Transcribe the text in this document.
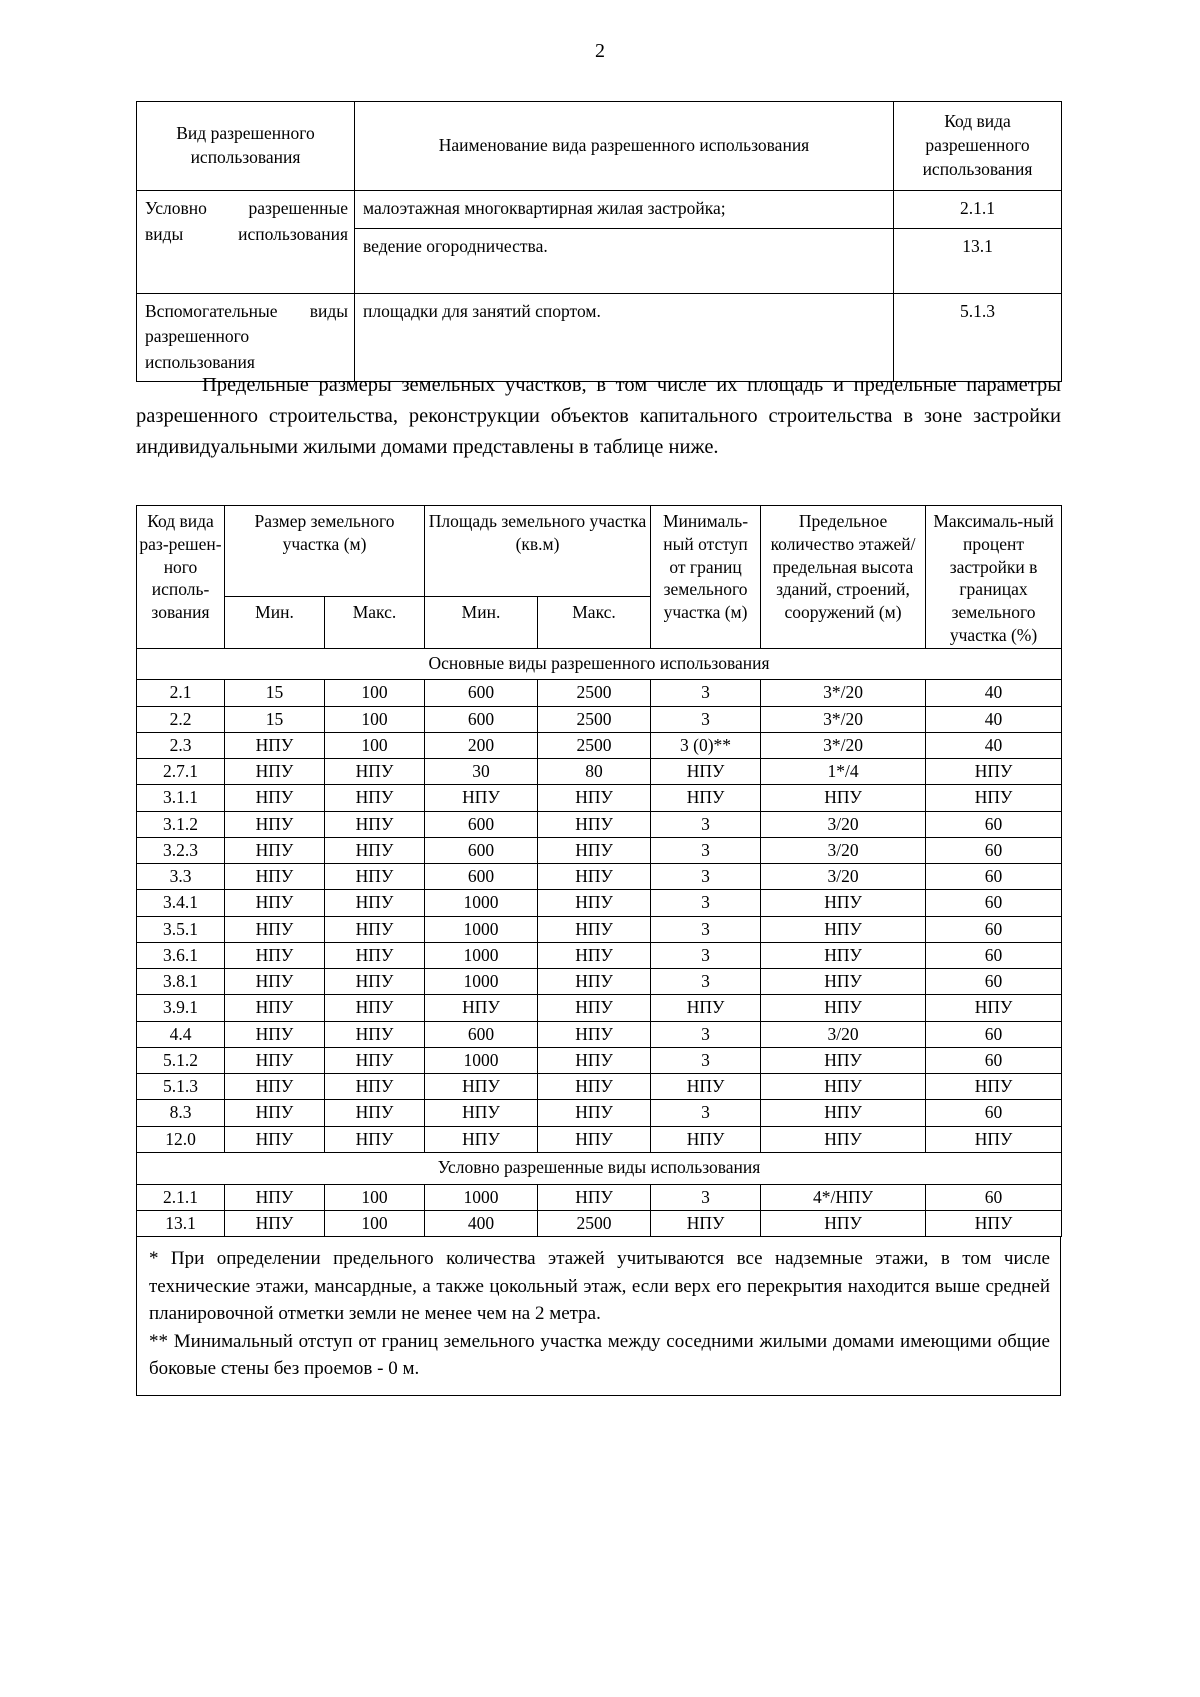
2
Вид разрешенного использования	Наименование вида разрешенного использования	Код вида разрешенного использования
Условно разрешенные виды использования	малоэтажная многоквартирная жилая застройка;	2.1.1
	ведение огородничества.	13.1
Вспомогательные виды разрешенного использования	площадки для занятий спортом.	5.1.3
Предельные размеры земельных участков, в том числе их площадь и предельные параметры разрешенного строительства, реконструкции объектов капитального строительства в зоне застройки индивидуальными жилыми домами представлены в таблице ниже.
Код вида раз-решен-ного исполь-зования	Размер земельного участка (м)		Площадь земельного участка (кв.м)		Минималь-ный отступ от границ земельного участка (м)	Предельное количество этажей/ предельная высота зданий, строений, сооружений (м)	Максималь-ный процент застройки в границах земельного участка (%)
	Мин.	Макс.	Мин.	Макс.			
Основные виды разрешенного использования							
2.1	15	100	600	2500	3	3*/20	40
2.2	15	100	600	2500	3	3*/20	40
2.3	НПУ	100	200	2500	3 (0)**	3*/20	40
2.7.1	НПУ	НПУ	30	80	НПУ	1*/4	НПУ
3.1.1	НПУ	НПУ	НПУ	НПУ	НПУ	НПУ	НПУ
3.1.2	НПУ	НПУ	600	НПУ	3	3/20	60
3.2.3	НПУ	НПУ	600	НПУ	3	3/20	60
3.3	НПУ	НПУ	600	НПУ	3	3/20	60
3.4.1	НПУ	НПУ	1000	НПУ	3	НПУ	60
3.5.1	НПУ	НПУ	1000	НПУ	3	НПУ	60
3.6.1	НПУ	НПУ	1000	НПУ	3	НПУ	60
3.8.1	НПУ	НПУ	1000	НПУ	3	НПУ	60
3.9.1	НПУ	НПУ	НПУ	НПУ	НПУ	НПУ	НПУ
4.4	НПУ	НПУ	600	НПУ	3	3/20	60
5.1.2	НПУ	НПУ	1000	НПУ	3	НПУ	60
5.1.3	НПУ	НПУ	НПУ	НПУ	НПУ	НПУ	НПУ
8.3	НПУ	НПУ	НПУ	НПУ	3	НПУ	60
12.0	НПУ	НПУ	НПУ	НПУ	НПУ	НПУ	НПУ
Условно разрешенные виды использования							
2.1.1	НПУ	100	1000	НПУ	3	4*/НПУ	60
13.1	НПУ	100	400	2500	НПУ	НПУ	НПУ

* При определении предельного количества этажей учитываются все надземные этажи, в том числе технические этажи, мансардные, а также цокольный этаж, если верх его перекрытия находится выше средней планировочной отметки земли не менее чем на 2 метра.

** Минимальный отступ от границ земельного участка между соседними жилыми домами имеющими общие боковые стены без проемов - 0 м.
